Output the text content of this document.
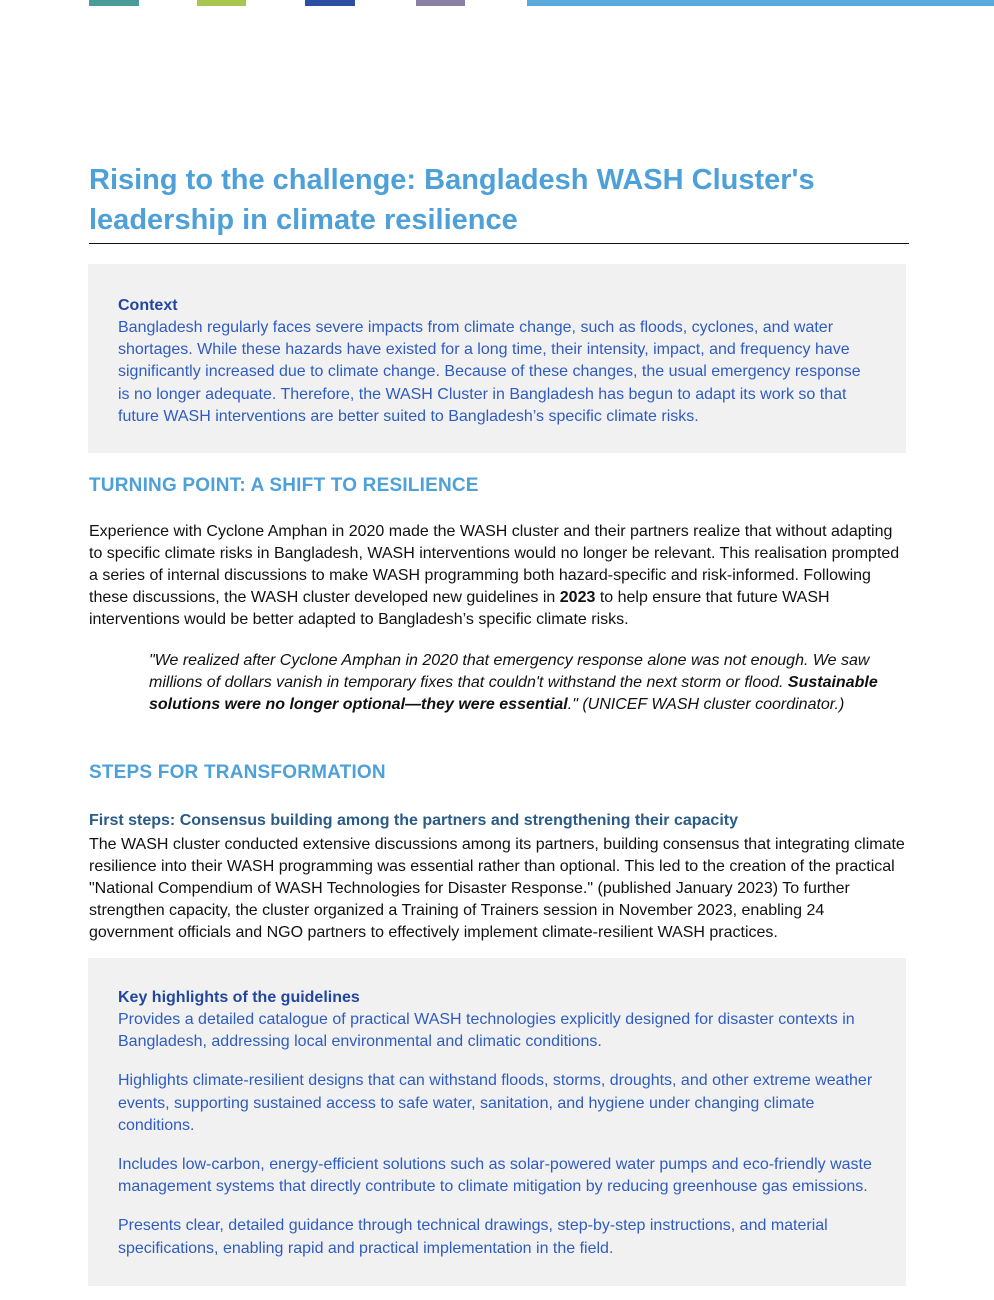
Rising to the challenge: Bangladesh WASH Cluster's leadership in climate resilience
Context
Bangladesh regularly faces severe impacts from climate change, such as floods, cyclones, and water shortages. While these hazards have existed for a long time, their intensity, impact, and frequency have significantly increased due to climate change. Because of these changes, the usual emergency response is no longer adequate. Therefore, the WASH Cluster in Bangladesh has begun to adapt its work so that future WASH interventions are better suited to Bangladesh’s specific climate risks.
TURNING POINT: A SHIFT TO RESILIENCE
Experience with Cyclone Amphan in 2020 made the WASH cluster and their partners realize that without adapting to specific climate risks in Bangladesh, WASH interventions would no longer be relevant. This realisation prompted a series of internal discussions to make WASH programming both hazard-specific and risk-informed. Following these discussions, the WASH cluster developed new guidelines in 2023 to help ensure that future WASH interventions would be better adapted to Bangladesh’s specific climate risks.
"We realized after Cyclone Amphan in 2020 that emergency response alone was not enough. We saw millions of dollars vanish in temporary fixes that couldn't withstand the next storm or flood. Sustainable solutions were no longer optional—they were essential." (UNICEF WASH cluster coordinator.)
STEPS FOR TRANSFORMATION
First steps: Consensus building among the partners and strengthening their capacity
The WASH cluster conducted extensive discussions among its partners, building consensus that integrating climate resilience into their WASH programming was essential rather than optional. This led to the creation of the practical "National Compendium of WASH Technologies for Disaster Response." (published January 2023) To further strengthen capacity, the cluster organized a Training of Trainers session in November 2023, enabling 24 government officials and NGO partners to effectively implement climate-resilient WASH practices.
Key highlights of the guidelines
Provides a detailed catalogue of practical WASH technologies explicitly designed for disaster contexts in Bangladesh, addressing local environmental and climatic conditions.
Highlights climate-resilient designs that can withstand floods, storms, droughts, and other extreme weather events, supporting sustained access to safe water, sanitation, and hygiene under changing climate conditions.
Includes low-carbon, energy-efficient solutions such as solar-powered water pumps and eco-friendly waste management systems that directly contribute to climate mitigation by reducing greenhouse gas emissions.
Presents clear, detailed guidance through technical drawings, step-by-step instructions, and material specifications, enabling rapid and practical implementation in the field.
